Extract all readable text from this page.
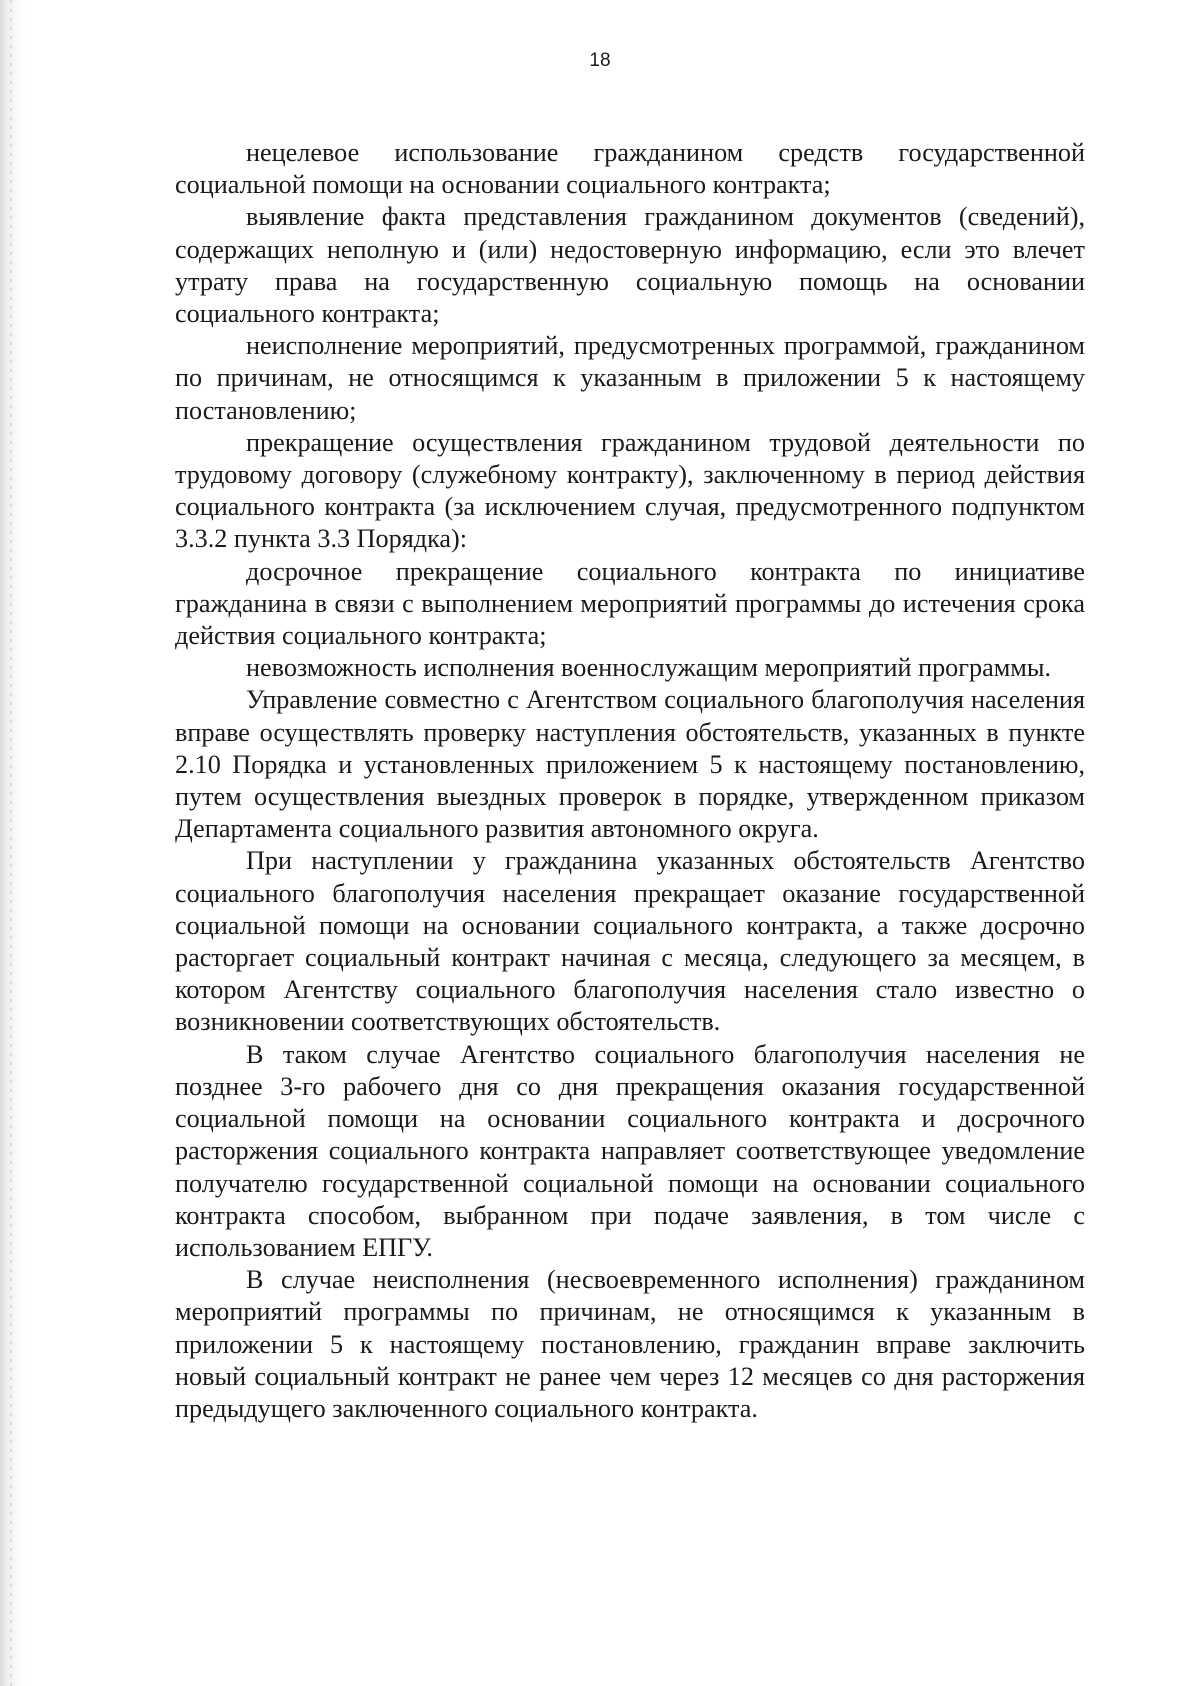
18

нецелевое использование гражданином средств государственной социальной помощи на основании социального контракта;

выявление факта представления гражданином документов (сведений), содержащих неполную и (или) недостоверную информацию, если это влечет утрату права на государственную социальную помощь на основании социального контракта;

неисполнение мероприятий, предусмотренных программой, гражданином по причинам, не относящимся к указанным в приложении 5 к настоящему постановлению;

прекращение осуществления гражданином трудовой деятельности по трудовому договору (служебному контракту), заключенному в период действия социального контракта (за исключением случая, предусмотренного подпунктом 3.3.2 пункта 3.3 Порядка):

досрочное прекращение социального контракта по инициативе гражданина в связи с выполнением мероприятий программы до истечения срока действия социального контракта;

невозможность исполнения военнослужащим мероприятий программы.

Управление совместно с Агентством социального благополучия населения вправе осуществлять проверку наступления обстоятельств, указанных в пункте 2.10 Порядка и установленных приложением 5 к настоящему постановлению, путем осуществления выездных проверок в порядке, утвержденном приказом Департамента социального развития автономного округа.

При наступлении у гражданина указанных обстоятельств Агентство социального благополучия населения прекращает оказание государственной социальной помощи на основании социального контракта, а также досрочно расторгает социальный контракт начиная с месяца, следующего за месяцем, в котором Агентству социального благополучия населения стало известно о возникновении соответствующих обстоятельств.

В таком случае Агентство социального благополучия населения не позднее 3-го рабочего дня со дня прекращения оказания государственной социальной помощи на основании социального контракта и досрочного расторжения социального контракта направляет соответствующее уведомление получателю государственной социальной помощи на основании социального контракта способом, выбранном при подаче заявления, в том числе с использованием ЕПГУ.

В случае неисполнения (несвоевременного исполнения) гражданином мероприятий программы по причинам, не относящимся к указанным в приложении 5 к настоящему постановлению, гражданин вправе заключить новый социальный контракт не ранее чем через 12 месяцев со дня расторжения предыдущего заключенного социального контракта.
